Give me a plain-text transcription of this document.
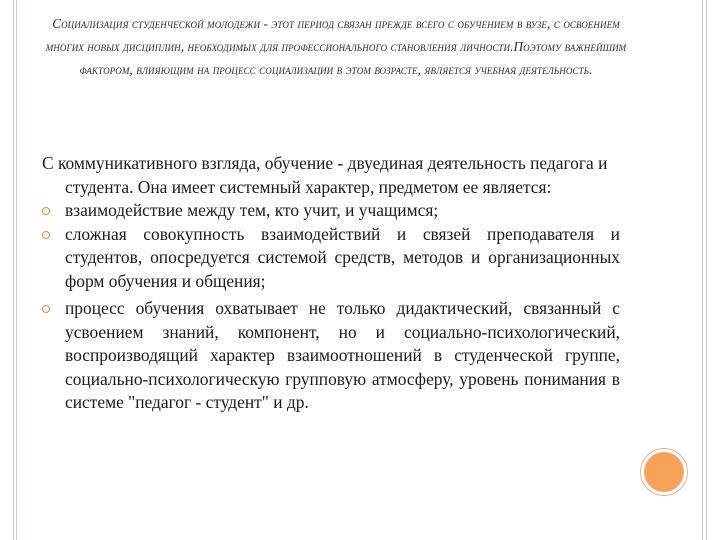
Социализация студенческой молодежи - этот период связан прежде всего с обучением в вузе, с освоением многих новых дисциплин, необходимых для профессионального становления личности.Поэтому важнейшим фактором, влияющим на процесс социализации в этом возрасте, является учебная деятельность.

С коммуникативного взгляда, обучение - двуединая деятельность педагога и студента. Она имеет системный характер, предметом ее является:

взаимодействие между тем, кто учит, и учащимся;
сложная совокупность взаимодействий и связей преподавателя и студентов, опосредуется системой средств, методов и организационных форм обучения и общения;
процесс обучения охватывает не только дидактический, связанный с усвоением знаний, компонент, но и социально-психологический, воспроизводящий характер взаимоотношений в студенческой группе, социально-психологическую групповую атмосферу, уровень понимания в системе "педагог - студент" и др.
